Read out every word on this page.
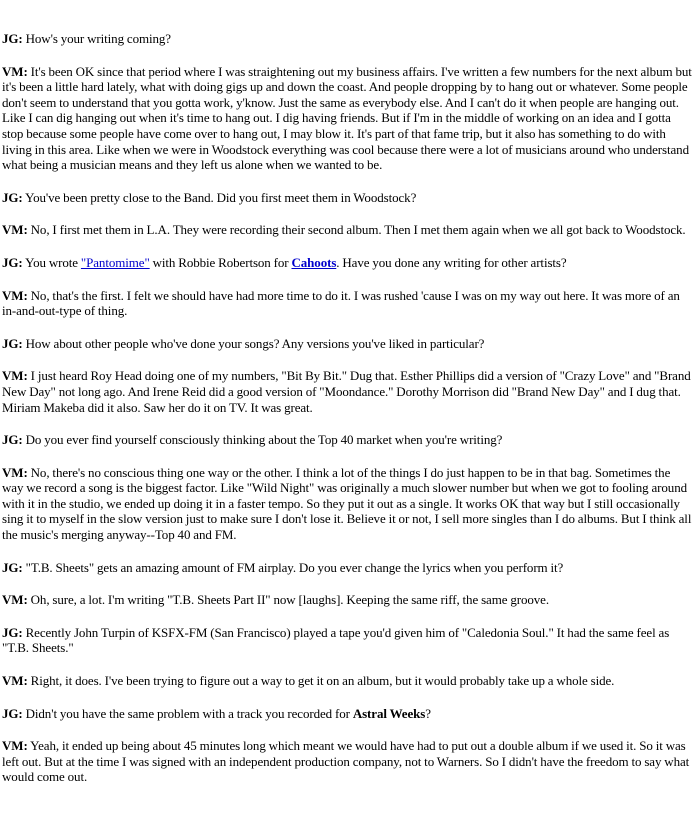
JG: How's your writing coming?

VM: It's been OK since that period where I was straightening out my business affairs. I've written a few numbers for the next album but it's been a little hard lately, what with doing gigs up and down the coast. And people dropping by to hang out or whatever. Some people don't seem to understand that you gotta work, y'know. Just the same as everybody else. And I can't do it when people are hanging out. Like I can dig hanging out when it's time to hang out. I dig having friends. But if I'm in the middle of working on an idea and I gotta stop because some people have come over to hang out, I may blow it. It's part of that fame trip, but it also has something to do with living in this area. Like when we were in Woodstock everything was cool because there were a lot of musicians around who understand what being a musician means and they left us alone when we wanted to be.

JG: You've been pretty close to the Band. Did you first meet them in Woodstock?

VM: No, I first met them in L.A. They were recording their second album. Then I met them again when we all got back to Woodstock.

JG: You wrote "Pantomime" with Robbie Robertson for Cahoots. Have you done any writing for other artists?

VM: No, that's the first. I felt we should have had more time to do it. I was rushed 'cause I was on my way out here. It was more of an in-and-out-type of thing.

JG: How about other people who've done your songs? Any versions you've liked in particular?

VM: I just heard Roy Head doing one of my numbers, "Bit By Bit." Dug that. Esther Phillips did a version of "Crazy Love" and "Brand New Day" not long ago. And Irene Reid did a good version of "Moondance." Dorothy Morrison did "Brand New Day" and I dug that. Miriam Makeba did it also. Saw her do it on TV. It was great.

JG: Do you ever find yourself consciously thinking about the Top 40 market when you're writing?

VM: No, there's no conscious thing one way or the other. I think a lot of the things I do just happen to be in that bag. Sometimes the way we record a song is the biggest factor. Like "Wild Night" was originally a much slower number but when we got to fooling around with it in the studio, we ended up doing it in a faster tempo. So they put it out as a single. It works OK that way but I still occasionally sing it to myself in the slow version just to make sure I don't lose it. Believe it or not, I sell more singles than I do albums. But I think all the music's merging anyway--Top 40 and FM.

JG: "T.B. Sheets" gets an amazing amount of FM airplay. Do you ever change the lyrics when you perform it?

VM: Oh, sure, a lot. I'm writing "T.B. Sheets Part II" now [laughs]. Keeping the same riff, the same groove.

JG: Recently John Turpin of KSFX-FM (San Francisco) played a tape you'd given him of "Caledonia Soul." It had the same feel as "T.B. Sheets."

VM: Right, it does. I've been trying to figure out a way to get it on an album, but it would probably take up a whole side.

JG: Didn't you have the same problem with a track you recorded for Astral Weeks?

VM: Yeah, it ended up being about 45 minutes long which meant we would have had to put out a double album if we used it. So it was left out. But at the time I was signed with an independent production company, not to Warners. So I didn't have the freedom to say what would come out.
